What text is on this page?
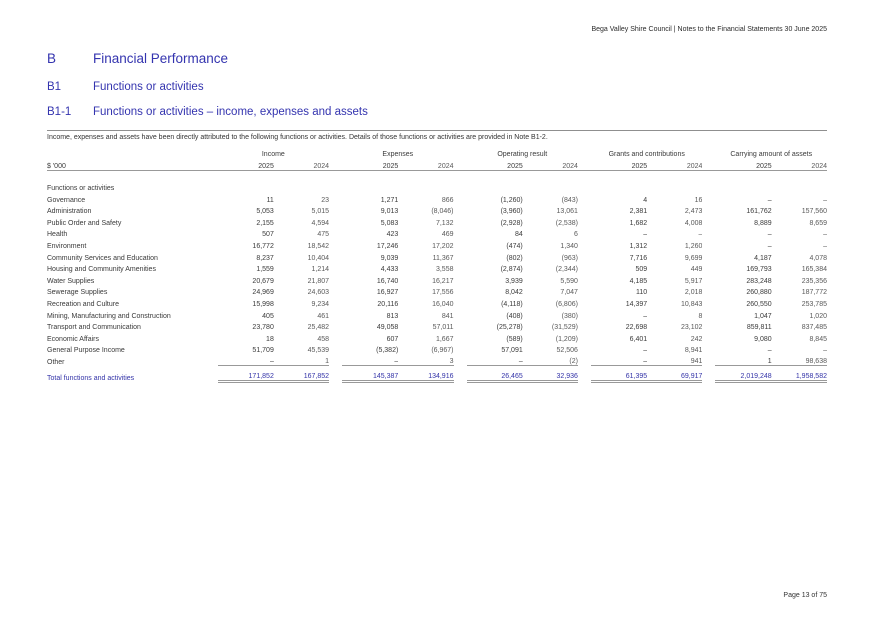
Bega Valley Shire Council | Notes to the Financial Statements 30 June 2025
B	Financial Performance
B1	Functions or activities
B1-1	Functions or activities – income, expenses and assets

Income, expenses and assets have been directly attributed to the following functions or activities. Details of those functions or activities are provided in Note B1-2.

		Income			Expenses			Operating result			Grants and contributions			Carrying amount of assets	
$ '000		2025	2024		2025	2024		2025	2024		2025	2024		2025	2024

Functions or activities															
Governance		11	23		1,271	866		(1,260)	(843)		4	16		–	–
Administration		5,053	5,015		9,013	(8,046)		(3,960)	13,061		2,381	2,473		161,762	157,560
Public Order and Safety		2,155	4,594		5,083	7,132		(2,928)	(2,538)		1,682	4,008		8,889	8,659
Health		507	475		423	469		84	6		–	–		–	–
Environment		16,772	18,542		17,246	17,202		(474)	1,340		1,312	1,260		–	–
Community Services and Education		8,237	10,404		9,039	11,367		(802)	(963)		7,716	9,699		4,187	4,078
Housing and Community Amenities		1,559	1,214		4,433	3,558		(2,874)	(2,344)		509	449		169,793	165,384
Water Supplies		20,679	21,807		16,740	16,217		3,939	5,590		4,185	5,917		283,248	235,356
Sewerage Supplies		24,969	24,603		16,927	17,556		8,042	7,047		110	2,018		260,880	187,772
Recreation and Culture		15,998	9,234		20,116	16,040		(4,118)	(6,806)		14,397	10,843		260,550	253,785
Mining, Manufacturing and Construction		405	461		813	841		(408)	(380)		–	8		1,047	1,020
Transport and Communication		23,780	25,482		49,058	57,011		(25,278)	(31,529)		22,698	23,102		859,811	837,485
Economic Affairs		18	458		607	1,667		(589)	(1,209)		6,401	242		9,080	8,845
General Purpose Income		51,709	45,539		(5,382)	(6,967)		57,091	52,506		–	8,941		–	–
Other		–	1		–	3		–	(2)		–	941		1	98,638
Total functions and activities		171,852	167,852		145,387	134,916		26,465	32,936		61,395	69,917		2,019,248	1,958,582
Page 13 of 75
